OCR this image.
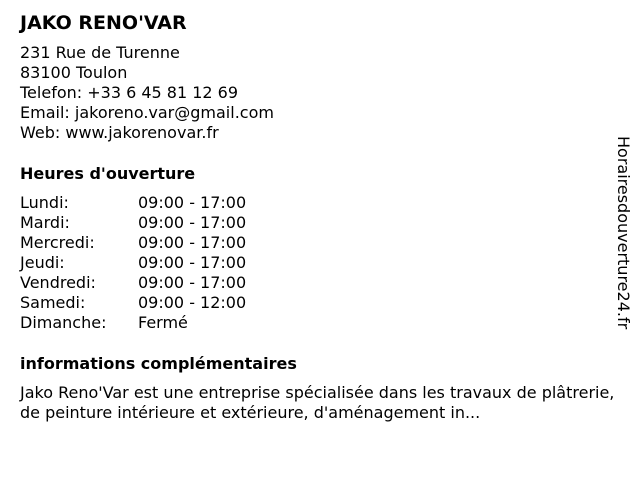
JAKO RENO'VAR
231 Rue de Turenne
83100 Toulon
Telefon: +33 6 45 81 12 69
Email: jakoreno.var@gmail.com
Web: www.jakorenovar.fr
Heures d'ouverture
Lundi:	09:00 - 17:00
Mardi:	09:00 - 17:00
Mercredi:	09:00 - 17:00
Jeudi:	09:00 - 17:00
Vendredi:	09:00 - 17:00
Samedi:	09:00 - 12:00
Dimanche:	Fermé
informations complémentaires
Jako Reno'Var est une entreprise spécialisée dans les travaux de plâtrerie, de peinture intérieure et extérieure, d'aménagement in...
Horairesdouverture24.fr
